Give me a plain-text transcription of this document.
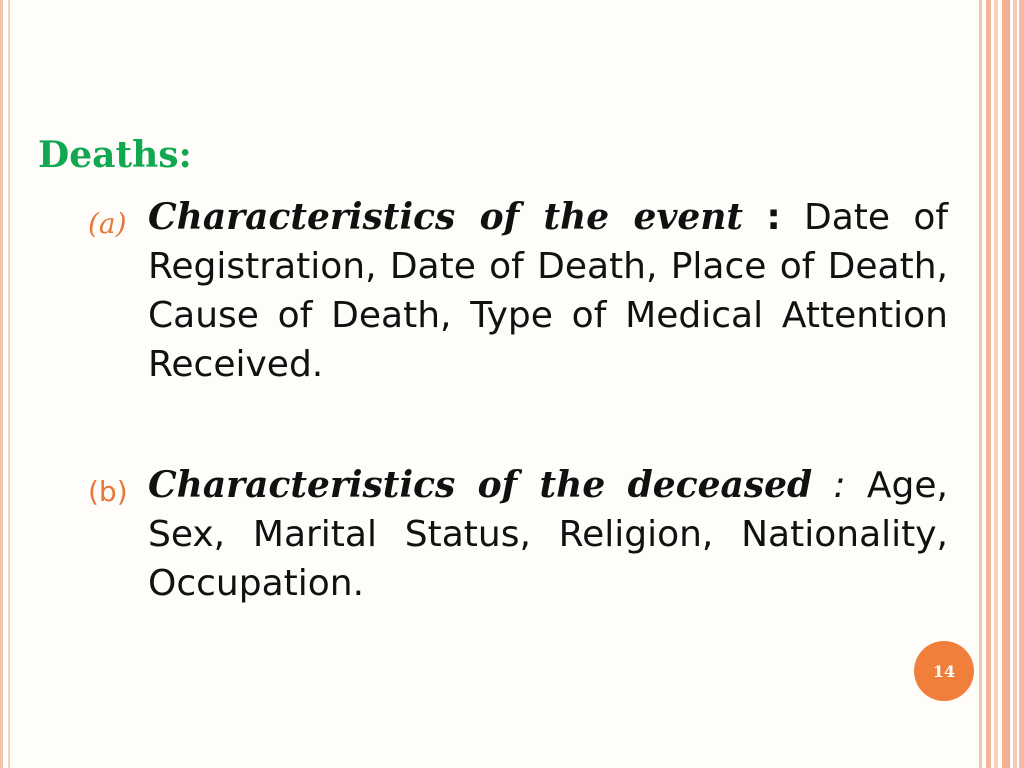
Deaths:
(a) Characteristics of the event : Date of Registration, Date of Death, Place of Death, Cause of Death, Type of Medical Attention Received.
(b) Characteristics of the deceased : Age, Sex, Marital Status, Religion, Nationality, Occupation.
14
